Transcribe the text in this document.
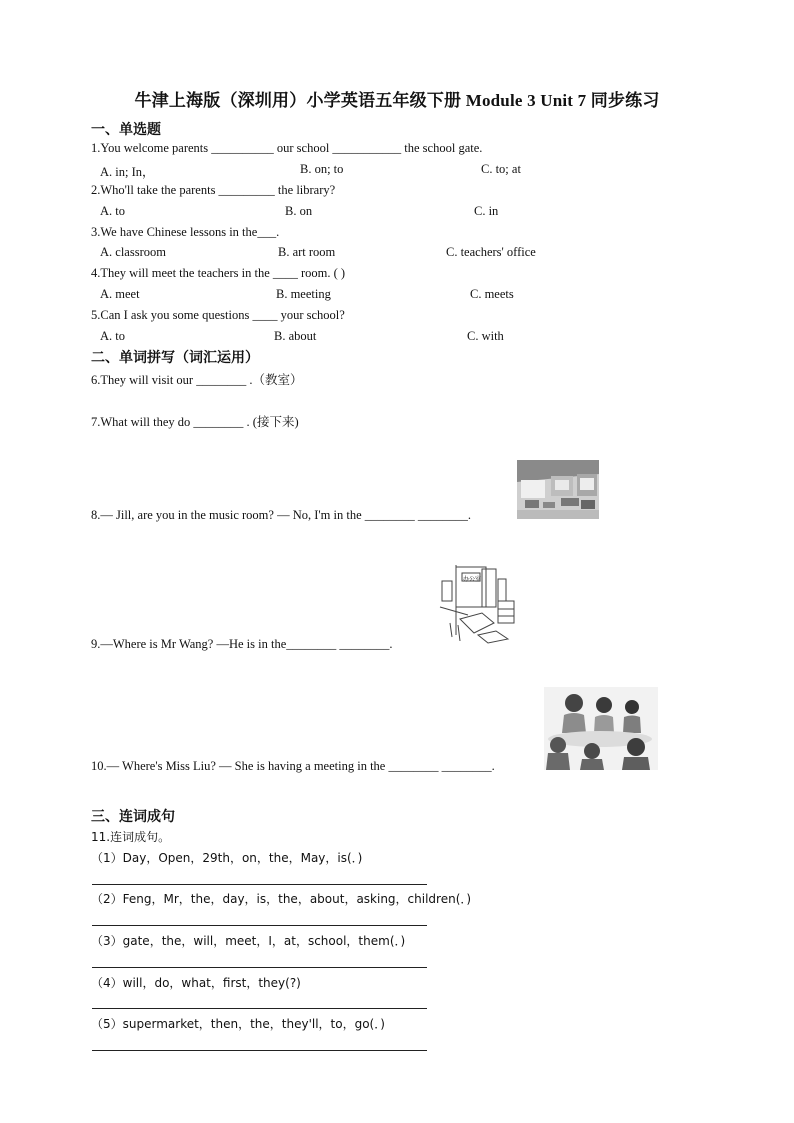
牛津上海版（深圳用）小学英语五年级下册 Module 3 Unit 7 同步练习
一、单选题
1.You welcome parents __________ our school ___________ the school gate.
A. in; In，	B. on; to	C. to; at
2.Who'll take the parents _________ the library?
A. to	B. on	C. in
3.We have Chinese lessons in the___.
A. classroom	B. art room	C. teachers' office
4.They will meet the teachers in the ____ room. ( )
A. meet	B. meeting	C. meets
5.Can I ask you some questions ____ your school?
A. to	B. about	C. with
二、单词拼写（词汇运用）
6.They will visit our ________ .（教室）
7.What will they do ________ . (接下来)
8.— Jill, are you in the music room? — No, I'm in the ________ ________.
办公室
9.—Where is Mr Wang? —He is in the________ ________.
10.— Where's Miss Liu? — She is having a meeting in the ________ ________.
三、连词成句
11.连词成句。
（1）Day，Open，29th，on，the，May，is(．)
（2）Feng，Mr，the，day，is，the，about，asking，children(．)
（3）gate，the，will，meet，I，at，school，them(．)
（4）will，do，what，first，they(?)
（5）supermarket，then，the，they'll，to，go(．)
